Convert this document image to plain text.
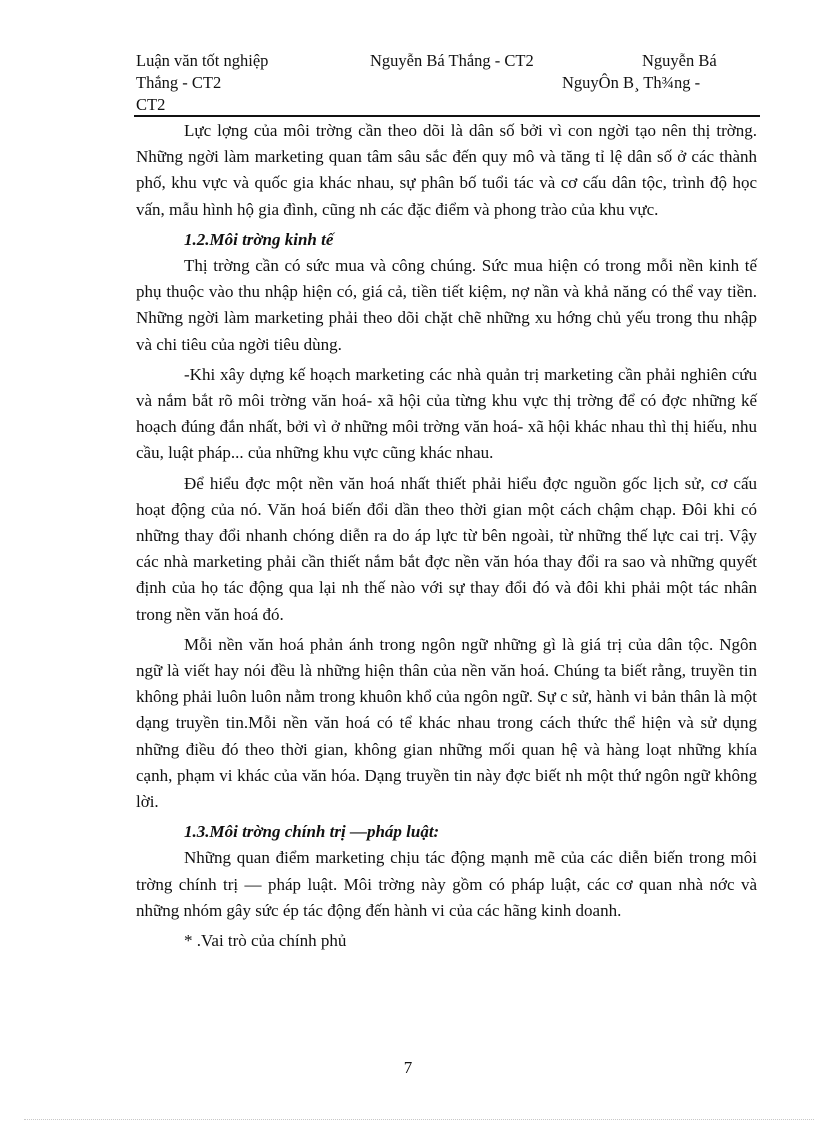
Luận văn tốt nghiệp	Nguyễn Bá Thắng - CT2	Nguyễn Bá
Thắng - CT2	NguyÔn B¸ Th¾ng -
CT2

Lực lợng của môi trờng cần theo dõi là dân số bởi vì con ngời tạo nên thị trờng. Những ngời làm marketing quan tâm sâu sắc đến quy mô và tăng tỉ lệ dân số ở các thành phố, khu vực và quốc gia khác nhau, sự phân bố tuổi tác và cơ cấu dân tộc, trình độ học vấn, mẫu hình hộ gia đình, cũng nh các đặc điểm và phong trào của khu vực.

1.2.Môi trờng kinh tế

Thị trờng cần có sức mua và công chúng. Sức mua hiện có trong mỗi nền kinh tế phụ thuộc vào thu nhập hiện có, giá cả, tiền tiết kiệm, nợ nần và khả năng có thể vay tiền. Những ngời làm marketing phải theo dõi chặt chẽ những xu hớng chủ yếu trong thu nhập và chi tiêu của ngời tiêu dùng.

-Khi xây dựng kế hoạch marketing các nhà quản trị marketing cần phải nghiên cứu và nắm bắt rõ môi trờng văn hoá- xã hội của từng khu vực thị trờng để có đợc những kế hoạch đúng đắn nhất, bởi vì ở những môi trờng văn hoá- xã hội khác nhau thì thị hiếu, nhu cầu, luật pháp... của những khu vực cũng khác nhau.

Để hiểu đợc một nền văn hoá nhất thiết phải hiểu đợc nguồn gốc lịch sử, cơ cấu hoạt động của nó. Văn hoá biến đổi dần theo thời gian một cách chậm chạp. Đôi khi có những thay đổi nhanh chóng diễn ra do áp lực từ bên ngoài, từ những thế lực cai trị. Vậy các nhà marketing phải cần thiết nắm bắt đợc nền văn hóa thay đổi ra sao và những quyết định của họ tác động qua lại nh thế nào với sự thay đổi đó và đôi khi phải một tác nhân trong nền văn hoá đó.

Mỗi nền văn hoá phản ánh trong ngôn ngữ những gì là giá trị của dân tộc. Ngôn ngữ là viết hay nói đều là những hiện thân của nền văn hoá. Chúng ta biết rằng, truyền tin không phải luôn luôn nằm trong khuôn khổ của ngôn ngữ. Sự c sử, hành vi bản thân là một dạng truyền tin.Mỗi nền văn hoá có tể khác nhau trong cách thức thể hiện và sử dụng những điều đó theo thời gian, không gian những mối quan hệ và hàng loạt những khía cạnh, phạm vi khác của văn hóa. Dạng truyền tin này đợc biết nh một thứ ngôn ngữ không lời.

1.3.Môi trờng chính trị —pháp luật:

Những quan điểm marketing chịu tác động mạnh mẽ của các diễn biến trong môi trờng chính trị — pháp luật. Môi trờng này gồm có pháp luật, các cơ quan nhà nớc và những nhóm gây sức ép tác động đến hành vi của các hãng kinh doanh.

* .Vai trò của chính phủ

7
